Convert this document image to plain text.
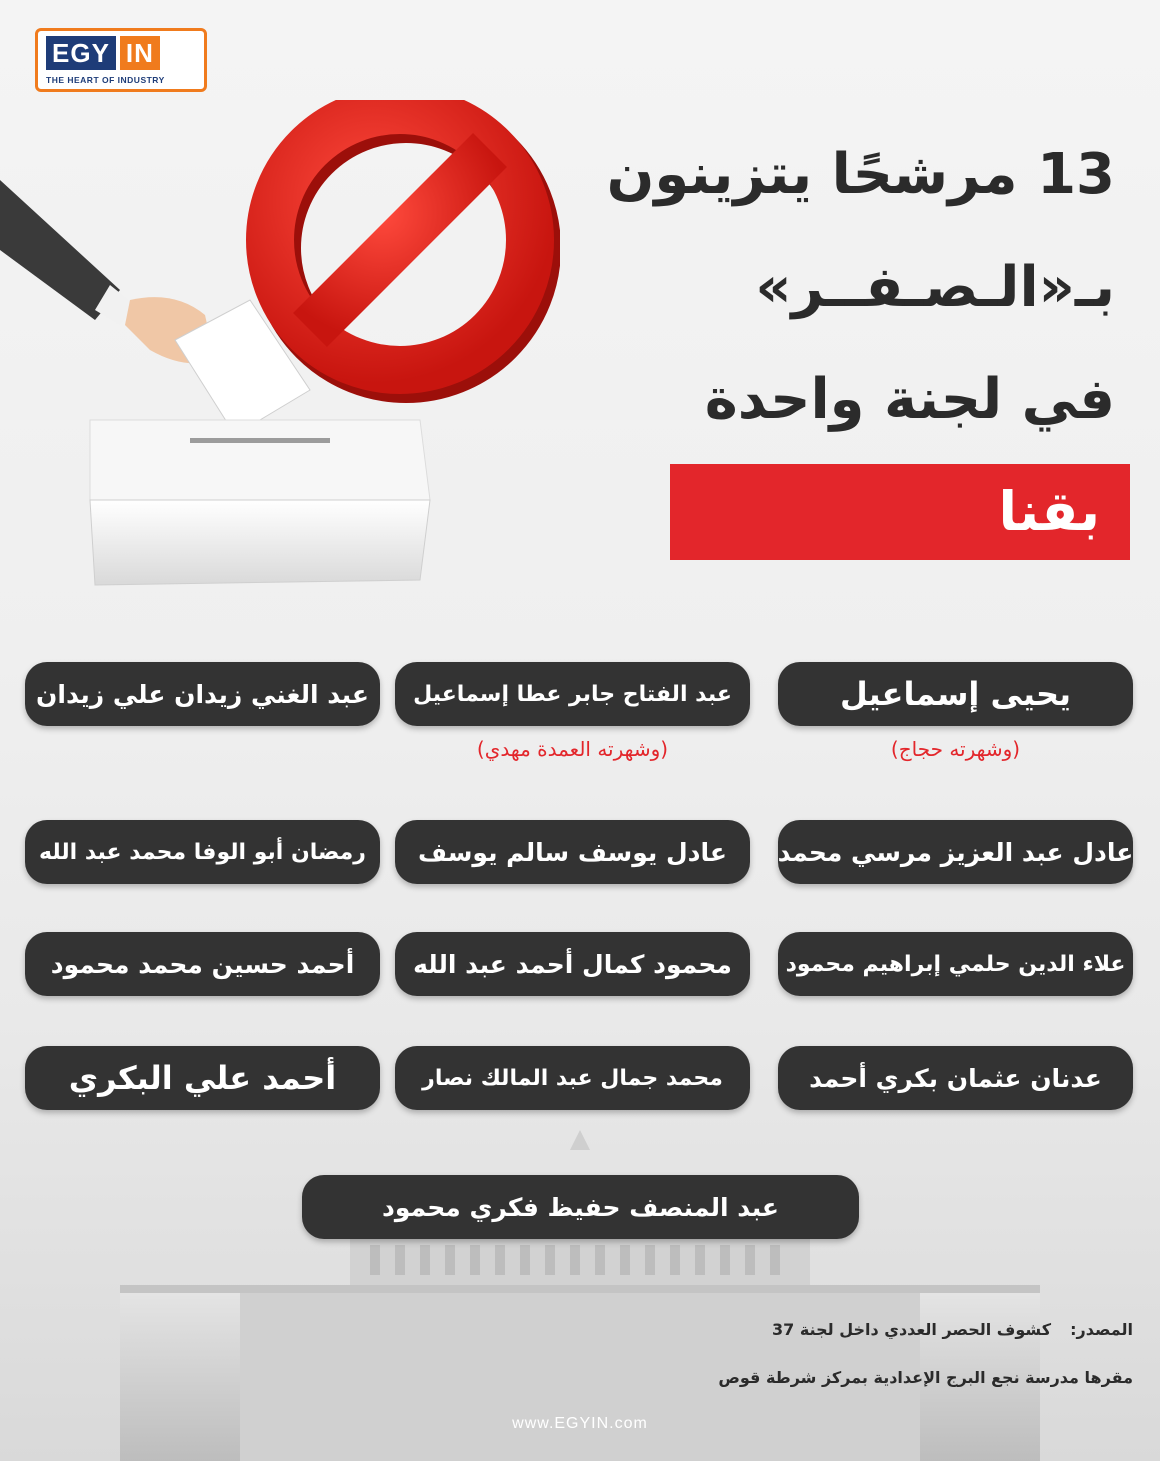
EGY IN
THE HEART OF INDUSTRY
13 مرشحًا يتزينون
بـ«الـصـفــر»
في لجنة واحدة
بقنا
يحيى إسماعيل
عبد الفتاح جابر عطا إسماعيل
عبد الغني زيدان علي زيدان
(وشهرته حجاج)
(وشهرته العمدة مهدي)
عادل عبد العزيز مرسي محمد
عادل يوسف سالم يوسف
رمضان أبو الوفا محمد عبد الله
علاء الدين حلمي إبراهيم محمود
محمود كمال أحمد عبد الله
أحمد حسين محمد محمود
عدنان عثمان بكري أحمد
محمد جمال عبد المالك نصار
أحمد علي البكري
عبد المنصف حفيظ فكري محمود
المصدر:  كشوف الحصر العددي داخل لجنة 37
مقرها مدرسة نجع البرج الإعدادية بمركز شرطة قوص
www.EGYIN.com
